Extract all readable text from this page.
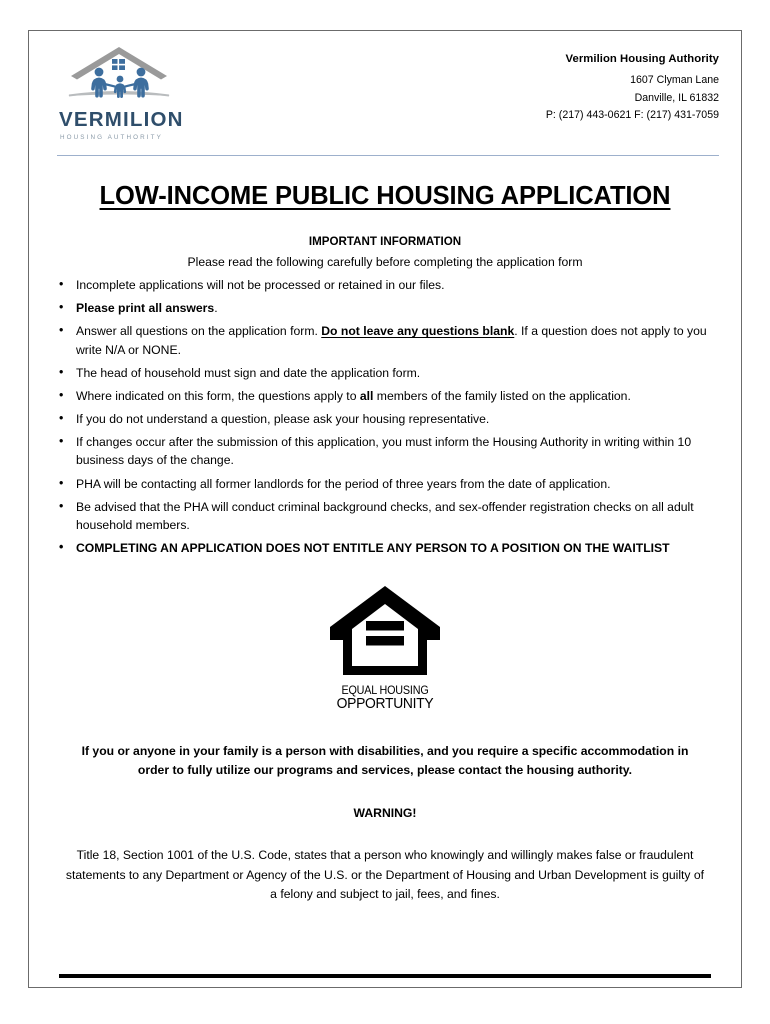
VERMILION
HOUSING AUTHORITY
Vermilion Housing Authority
1607 Clyman Lane
Danville, IL 61832
P: (217) 443-0621 F: (217) 431-7059
LOW-INCOME PUBLIC HOUSING APPLICATION
IMPORTANT INFORMATION
Please read the following carefully before completing the application form
• Incomplete applications will not be processed or retained in our files.
• Please print all answers.
• Answer all questions on the application form. Do not leave any questions blank. If a question does not apply to you write N/A or NONE.
• The head of household must sign and date the application form.
• Where indicated on this form, the questions apply to all members of the family listed on the application.
• If you do not understand a question, please ask your housing representative.
• If changes occur after the submission of this application, you must inform the Housing Authority in writing within 10 business days of the change.
• PHA will be contacting all former landlords for the period of three years from the date of application.
• Be advised that the PHA will conduct criminal background checks, and sex-offender registration checks on all adult household members.
• COMPLETING AN APPLICATION DOES NOT ENTITLE ANY PERSON TO A POSITION ON THE WAITLIST
EQUAL HOUSING
OPPORTUNITY
If you or anyone in your family is a person with disabilities, and you require a specific accommodation in order to fully utilize our programs and services, please contact the housing authority.
WARNING!
Title 18, Section 1001 of the U.S. Code, states that a person who knowingly and willingly makes false or fraudulent statements to any Department or Agency of the U.S. or the Department of Housing and Urban Development is guilty of a felony and subject to jail, fees, and fines.
